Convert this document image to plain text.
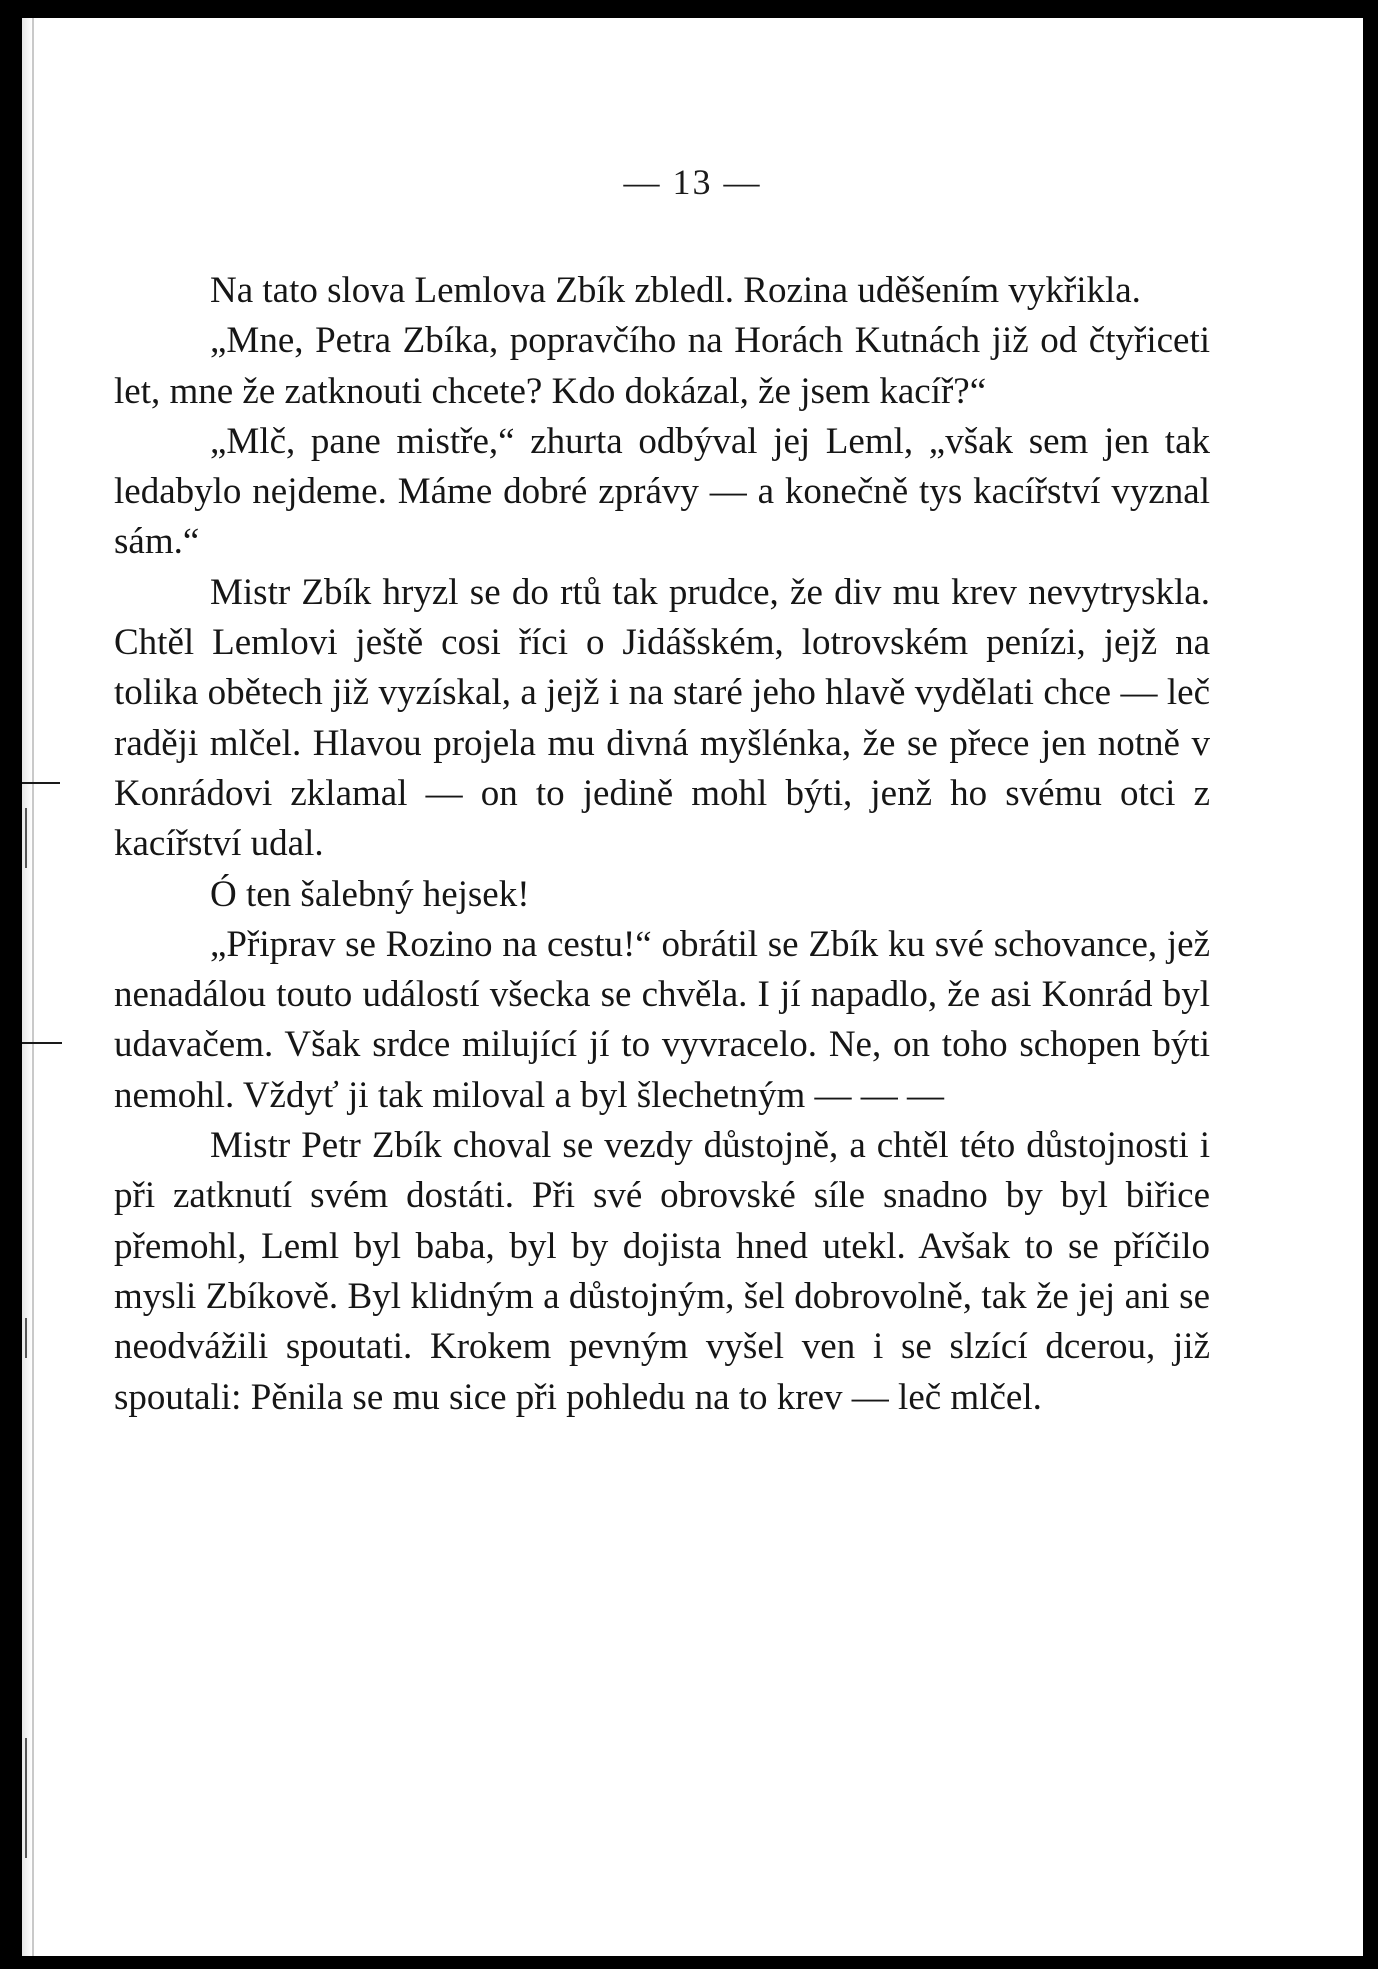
— 13 —

Na tato slova Lemlova Zbík zbledl. Rozina uděšením vykřikla.

„Mne, Petra Zbíka, popravčího na Horách Kutnách již od čtyřiceti let, mne že zatknouti chcete? Kdo dokázal, že jsem kacíř?“

„Mlč, pane mistře,“ zhurta odbýval jej Leml, „však sem jen tak ledabylo nejdeme. Máme dobré zprávy — a konečně tys kacířství vyznal sám.“

Mistr Zbík hryzl se do rtů tak prudce, že div mu krev nevytryskla. Chtěl Lemlovi ještě cosi říci o Jidášském, lotrovském penízi, jejž na tolika obětech již vyzískal, a jejž i na staré jeho hlavě vydělati chce — leč raději mlčel. Hlavou projela mu divná myšlénka, že se přece jen notně v Konrádovi zklamal — on to jedině mohl býti, jenž ho svému otci z kacířství udal.

Ó ten šalebný hejsek!

„Připrav se Rozino na cestu!“ obrátil se Zbík ku své schovance, jež nenadálou touto událostí všecka se chvěla. I jí napadlo, že asi Konrád byl udavačem. Však srdce milující jí to vyvracelo. Ne, on toho schopen býti nemohl. Vždyť ji tak miloval a byl šlechetným — — —

Mistr Petr Zbík choval se vezdy důstojně, a chtěl této důstojnosti i při zatknutí svém dostáti. Při své obrovské síle snadno by byl biřice přemohl, Leml byl baba, byl by dojista hned utekl. Avšak to se příčilo mysli Zbíkově. Byl klidným a důstojným, šel dobrovolně, tak že jej ani se neodvážili spoutati. Krokem pevným vyšel ven i se slzící dcerou, již spoutali: Pěnila se mu sice při pohledu na to krev — leč mlčel.
